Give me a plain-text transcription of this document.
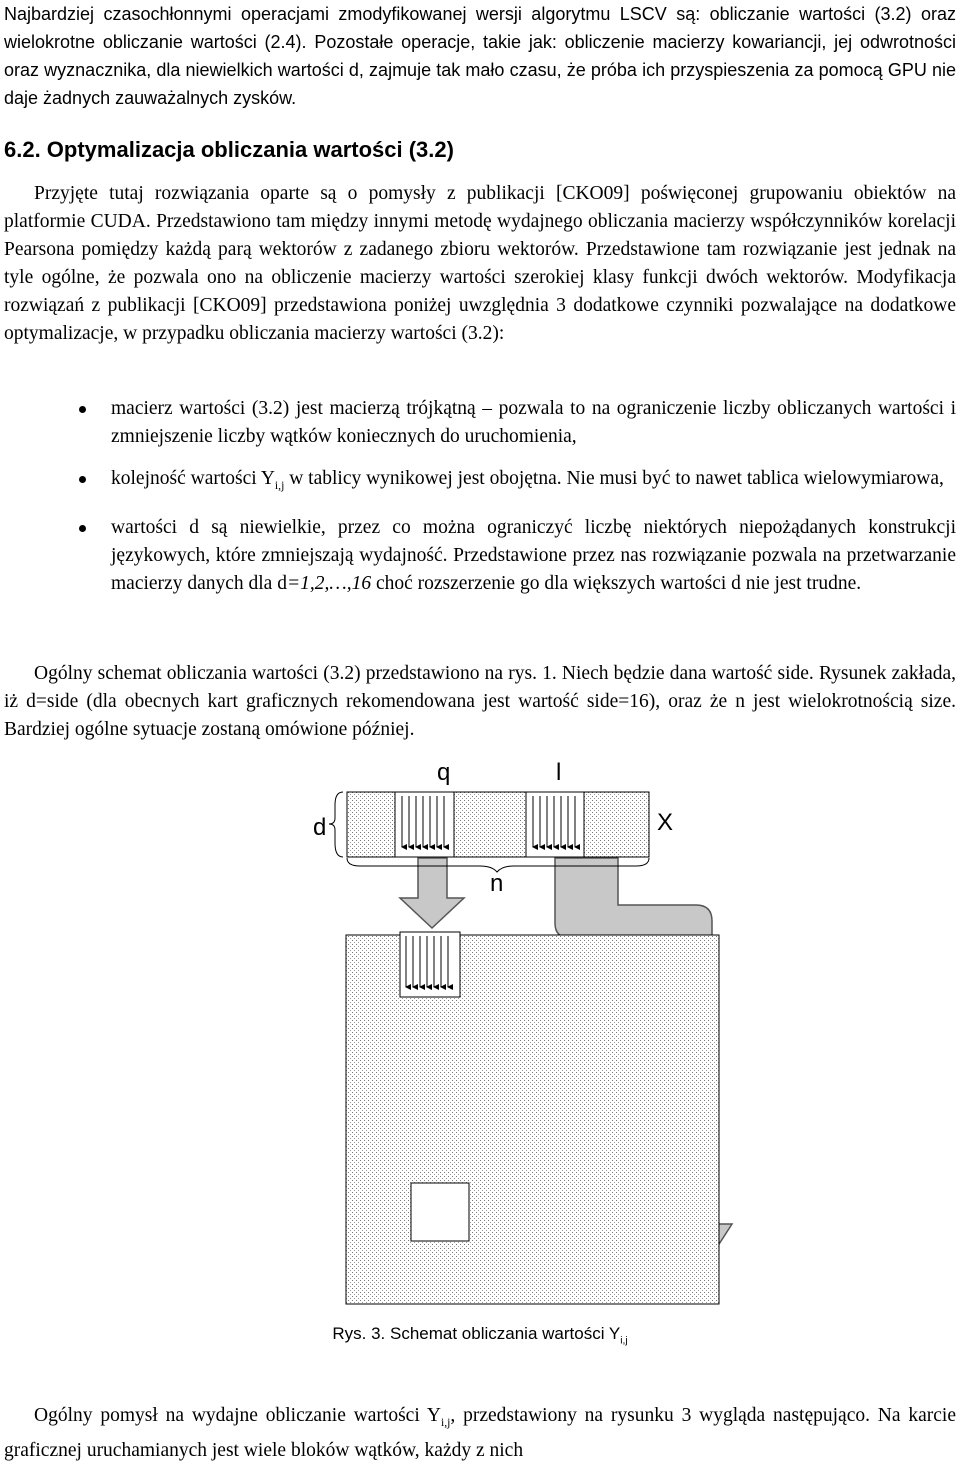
Najbardziej czasochłonnymi operacjami zmodyfikowanej wersji algorytmu LSCV są: obliczanie wartości (3.2) oraz wielokrotne obliczanie wartości (2.4). Pozostałe operacje, takie jak: obliczenie macierzy kowariancji, jej odwrotności oraz wyznacznika, dla niewielkich wartości d, zajmuje tak mało czasu, że próba ich przyspieszenia za pomocą GPU nie daje żadnych zauważalnych zysków.

6.2. Optymalizacja obliczania wartości (3.2)

Przyjęte tutaj rozwiązania oparte są o pomysły z publikacji [CKO09] poświęconej grupowaniu obiektów na platformie CUDA. Przedstawiono tam między innymi metodę wydajnego obliczania macierzy współczynników korelacji Pearsona pomiędzy każdą parą wektorów z zadanego zbioru wektorów. Przedstawione tam rozwiązanie jest jednak na tyle ogólne, że pozwala ono na obliczenie macierzy wartości szerokiej klasy funkcji dwóch wektorów. Modyfikacja rozwiązań z publikacji [CKO09] przedstawiona poniżej uwzględnia 3 dodatkowe czynniki pozwalające na dodatkowe optymalizacje, w przypadku obliczania macierzy wartości (3.2):

macierz wartości (3.2) jest macierzą trójkątną – pozwala to na ograniczenie liczby obliczanych wartości i zmniejszenie liczby wątków koniecznych do uruchomienia,
kolejność wartości $Y_{i,j}$ w tablicy wynikowej jest obojętna. Nie musi być to nawet tablica wielowymiarowa,
wartości d są niewielkie, przez co można ograniczyć liczbę niektórych niepożądanych konstrukcji językowych, które zmniejszają wydajność. Przedstawione przez nas rozwiązanie pozwala na przetwarzanie macierzy danych dla d=1,2,…,16 choć rozszerzenie go dla większych wartości d nie jest trudne.

Ogólny schemat obliczania wartości (3.2) przedstawiono na rys. 1. Niech będzie dana wartość side. Rysunek zakłada, iż d=side (dla obecnych kart graficznych rekomendowana jest wartość side=16), oraz że n jest wielokrotnością size. Bardziej ogólne sytuacje zostaną omówione później.

q	l
d	X
n
Rys. 3. Schemat obliczania wartości $Y_{i,j}$

Ogólny pomysł na wydajne obliczanie wartości $Y_{i,j}$, przedstawiony na rysunku 3 wygląda następująco. Na karcie graficznej uruchamianych jest wiele bloków wątków, każdy z nich
